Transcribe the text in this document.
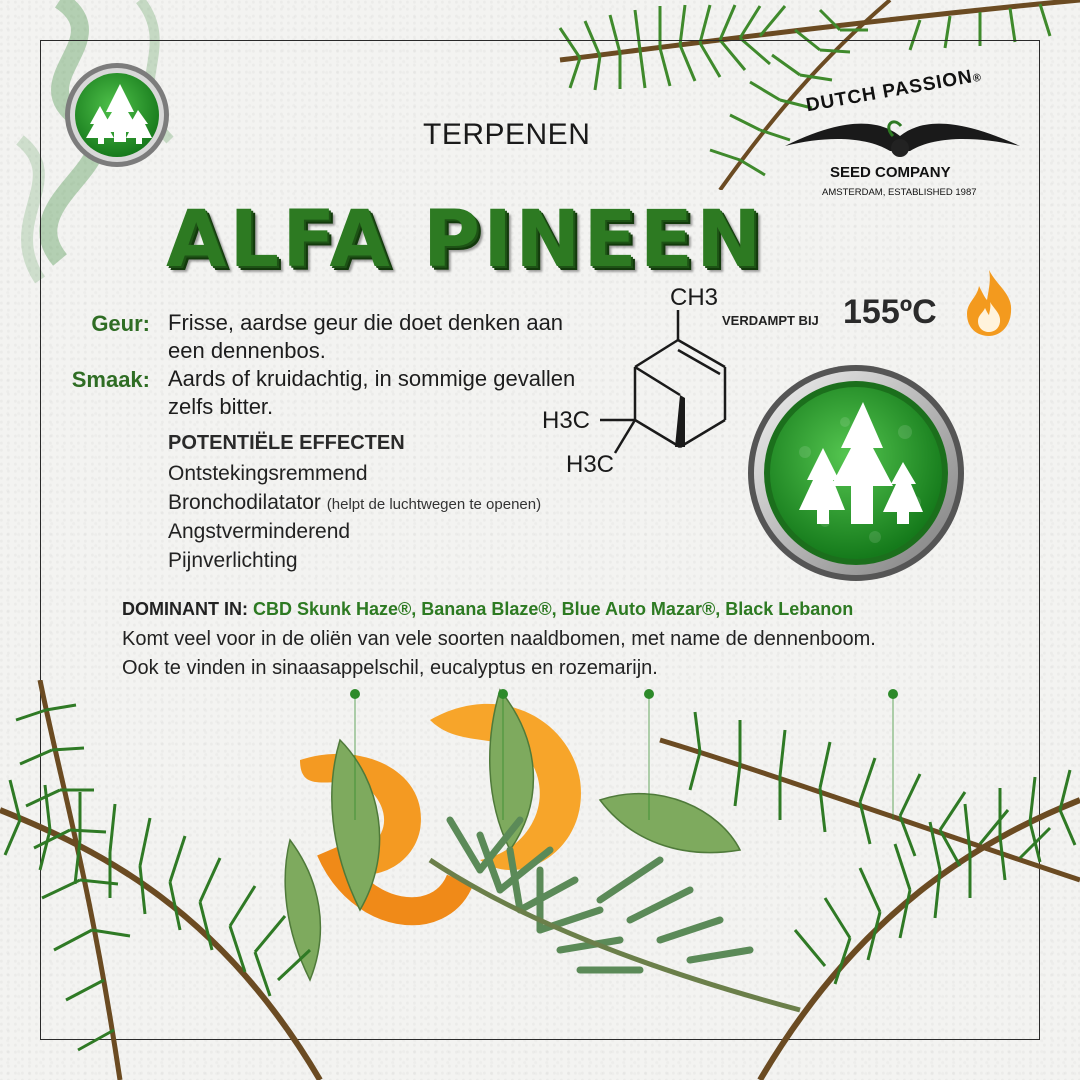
TERPENEN
DUTCH PASSION®
SEED COMPANY
AMSTERDAM, ESTABLISHED 1987
ALFA PINEEN
Geur: Frisse, aardse geur die doet denken aan
een dennenbos.
Smaak: Aards of kruidachtig, in sommige gevallen
zelfs bitter.
POTENTIËLE EFFECTEN
Ontstekingsremmend
Bronchodilatator (helpt de luchtwegen te openen)
Angstverminderend
Pijnverlichting
CH3
H3C
H3C
VERDAMPT BIJ 155ºC
DOMINANT IN: CBD Skunk Haze®, Banana Blaze®, Blue Auto Mazar®, Black Lebanon
Komt veel voor in de oliën van vele soorten naaldbomen, met name de dennenboom.
Ook te vinden in sinaasappelschil, eucalyptus en rozemarijn.
